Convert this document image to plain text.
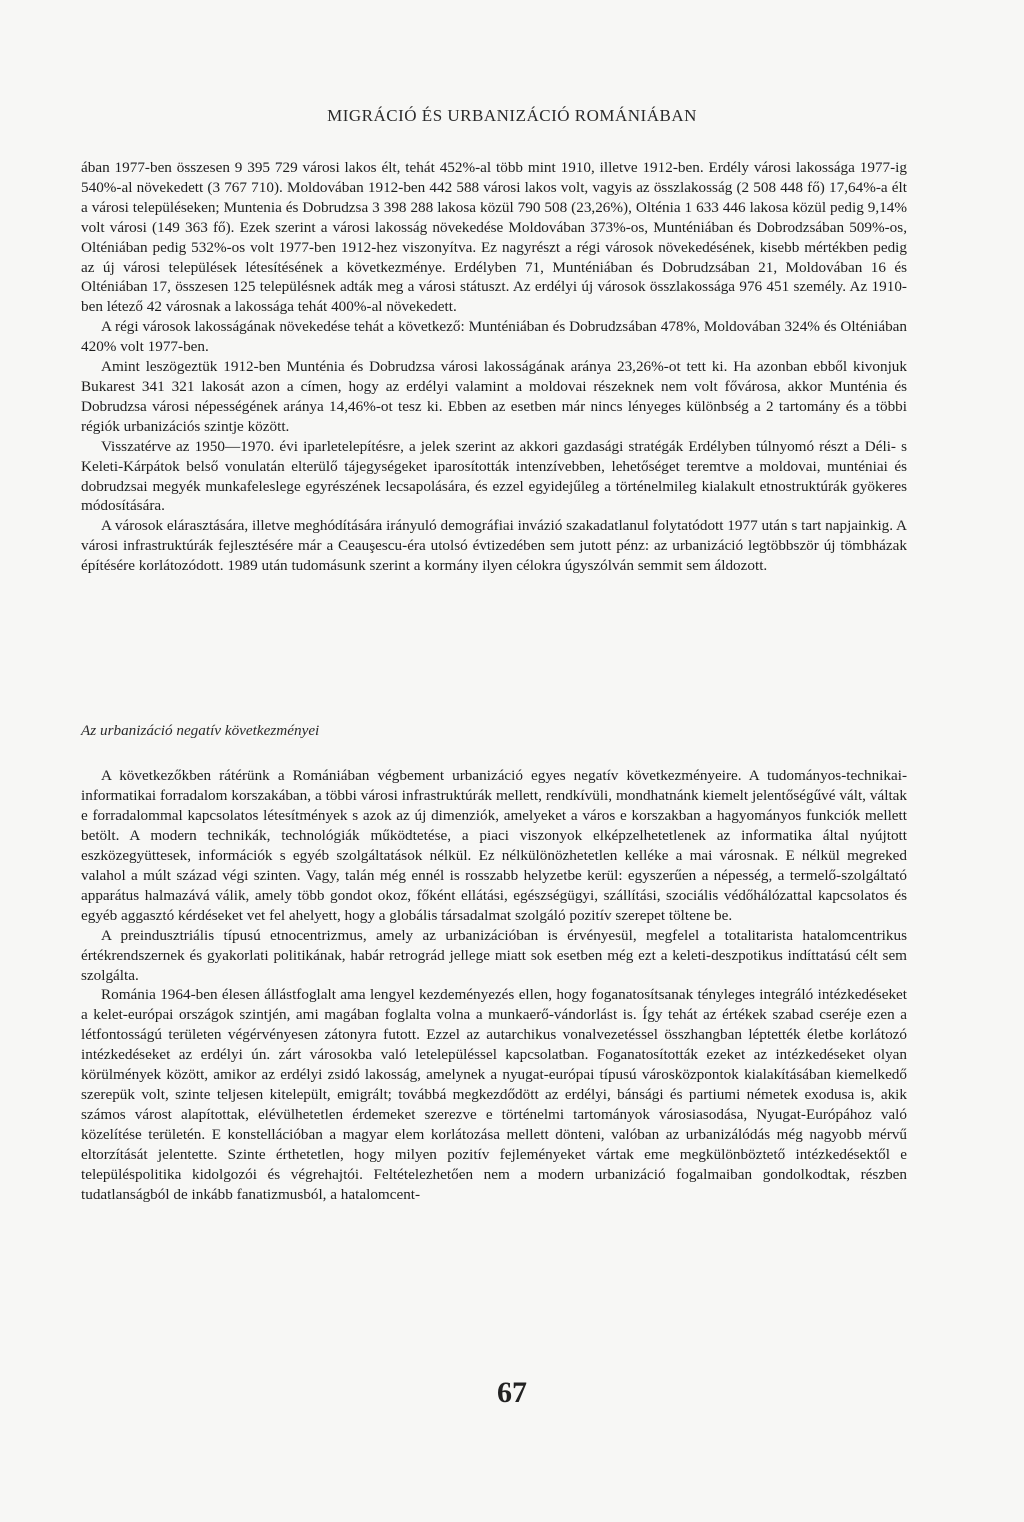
MIGRÁCIÓ ÉS URBANIZÁCIÓ ROMÁNIÁBAN

ában 1977-ben összesen 9 395 729 városi lakos élt, tehát 452%-al több mint 1910, illetve 1912-ben. Erdély városi lakossága 1977-ig 540%-al növekedett (3 767 710). Moldovában 1912-ben 442 588 városi lakos volt, vagyis az összlakosság (2 508 448 fő) 17,64%-a élt a városi településeken; Muntenia és Dobrudzsa 3 398 288 lakosa közül 790 508 (23,26%), Olténia 1 633 446 lakosa közül pedig 9,14% volt városi (149 363 fő). Ezek szerint a városi lakosság növekedése Moldovában 373%-os, Munténiában és Dobrodzsában 509%-os, Olténiában pedig 532%-os volt 1977-ben 1912-hez viszonyítva. Ez nagyrészt a régi városok növekedésének, kisebb mértékben pedig az új városi települések létesítésének a következménye. Erdélyben 71, Munténiában és Dobrudzsában 21, Moldovában 16 és Olténiában 17, összesen 125 településnek adták meg a városi státuszt. Az erdélyi új városok összlakossága 976 451 személy. Az 1910-ben létező 42 városnak a lakossága tehát 400%-al növekedett.

A régi városok lakosságának növekedése tehát a következő: Munténiában és Dobrudzsában 478%, Moldovában 324% és Olténiában 420% volt 1977-ben.

Amint leszögeztük 1912-ben Munténia és Dobrudzsa városi lakosságának aránya 23,26%-ot tett ki. Ha azonban ebből kivonjuk Bukarest 341 321 lakosát azon a címen, hogy az erdélyi valamint a moldovai részeknek nem volt fővárosa, akkor Munténia és Dobrudzsa városi népességének aránya 14,46%-ot tesz ki. Ebben az esetben már nincs lényeges különbség a 2 tartomány és a többi régiók urbanizációs szintje között.

Visszatérve az 1950—1970. évi iparletelepítésre, a jelek szerint az akkori gazdasági stratégák Erdélyben túlnyomó részt a Déli- s Keleti-Kárpátok belső vonulatán elterülő tájegységeket iparosították intenzívebben, lehetőséget teremtve a moldovai, munténiai és dobrudzsai megyék munkafeleslege egyrészének lecsapolására, és ezzel egyidejűleg a történelmileg kialakult etnostruktúrák gyökeres módosítására.

A városok elárasztására, illetve meghódítására irányuló demográfiai invázió szakadatlanul folytatódott 1977 után s tart napjainkig. A városi infrastruktúrák fejlesztésére már a Ceauşescu-éra utolsó évtizedében sem jutott pénz: az urbanizáció legtöbbször új tömbházak építésére korlátozódott. 1989 után tudomásunk szerint a kormány ilyen célokra úgyszólván semmit sem áldozott.

Az urbanizáció negatív következményei

A következőkben rátérünk a Romániában végbement urbanizáció egyes negatív következményeire. A tudományos-technikai-informatikai forradalom korszakában, a többi városi infrastruktúrák mellett, rendkívüli, mondhatnánk kiemelt jelentőségűvé vált, váltak e forradalommal kapcsolatos létesítmények s azok az új dimenziók, amelyeket a város e korszakban a hagyományos funkciók mellett betölt. A modern technikák, technológiák működtetése, a piaci viszonyok elképzelhetetlenek az informatika által nyújtott eszközegyüttesek, információk s egyéb szolgáltatások nélkül. Ez nélkülönözhetetlen kelléke a mai városnak. E nélkül megreked valahol a múlt század végi szinten. Vagy, talán még ennél is rosszabb helyzetbe kerül: egyszerűen a népesség, a termelő-szolgáltató apparátus halmazává válik, amely több gondot okoz, főként ellátási, egészségügyi, szállítási, szociális védőhálózattal kapcsolatos és egyéb aggasztó kérdéseket vet fel ahelyett, hogy a globális társadalmat szolgáló pozitív szerepet töltene be.

A preindusztriális típusú etnocentrizmus, amely az urbanizációban is érvényesül, megfelel a totalitarista hatalomcentrikus értékrendszernek és gyakorlati politikának, habár retrográd jellege miatt sok esetben még ezt a keleti-deszpotikus indíttatású célt sem szolgálta.

Románia 1964-ben élesen állástfoglalt ama lengyel kezdeményezés ellen, hogy foganatosítsanak tényleges integráló intézkedéseket a kelet-európai országok szintjén, ami magában foglalta volna a munkaerő-vándorlást is. Így tehát az értékek szabad cseréje ezen a létfontosságú területen végérvényesen zátonyra futott. Ezzel az autarchikus vonalvezetéssel összhangban léptették életbe korlátozó intézkedéseket az erdélyi ún. zárt városokba való letelepüléssel kapcsolatban. Foganatosították ezeket az intézkedéseket olyan körülmények között, amikor az erdélyi zsidó lakosság, amelynek a nyugat-európai típusú városközpontok kialakításában kiemelkedő szerepük volt, szinte teljesen kitelepült, emigrált; továbbá megkezdődött az erdélyi, bánsági és partiumi németek exodusa is, akik számos várost alapítottak, elévülhetetlen érdemeket szerezve e történelmi tartományok városiasodása, Nyugat-Európához való közelítése területén. E konstellációban a magyar elem korlátozása mellett dönteni, valóban az urbanizálódás még nagyobb mérvű eltorzítását jelentette. Szinte érthetetlen, hogy milyen pozitív fejleményeket vártak eme megkülönböztető intézkedésektől e településpolitika kidolgozói és végrehajtói. Feltételezhetően nem a modern urbanizáció fogalmaiban gondolkodtak, részben tudatlanságból de inkább fanatizmusból, a hatalomcent-

67
